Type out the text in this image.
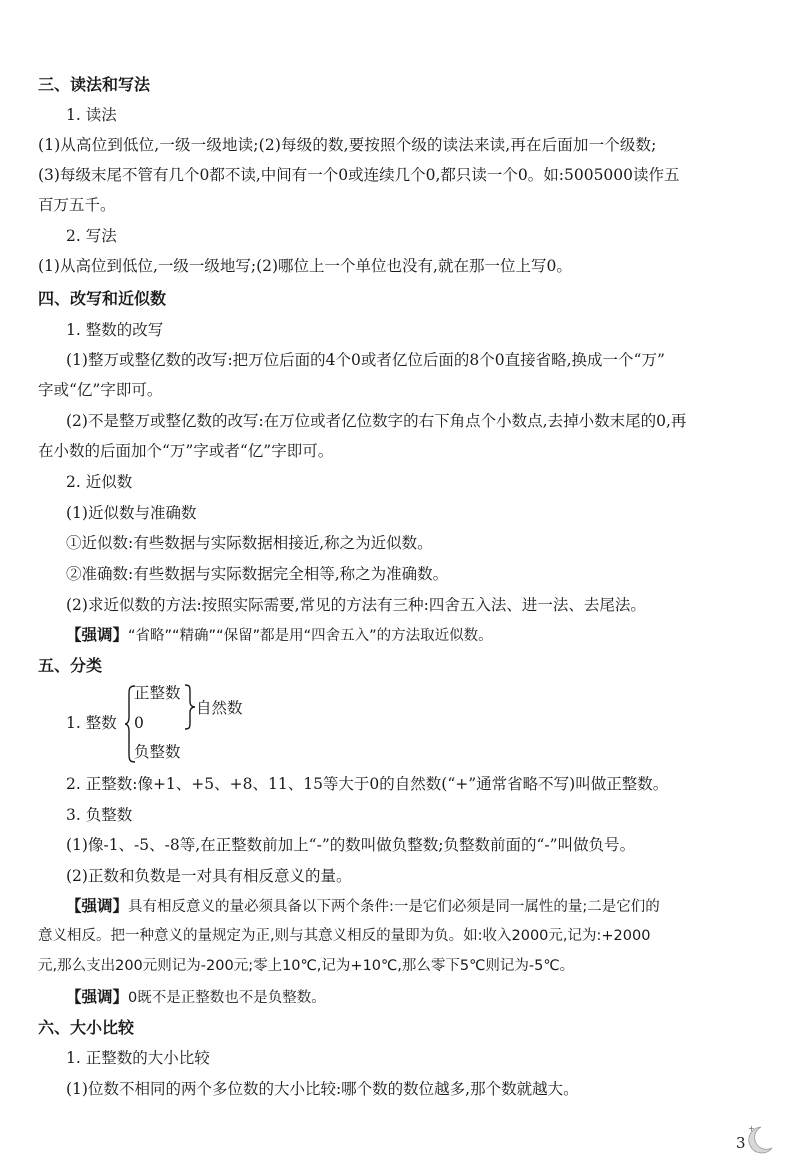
三、读法和写法
1. 读法
(1)从高位到低位,一级一级地读;(2)每级的数,要按照个级的读法来读,再在后面加一个级数;
(3)每级末尾不管有几个0都不读,中间有一个0或连续几个0,都只读一个0。如:5005000读作五
百万五千。
2. 写法
(1)从高位到低位,一级一级地写;(2)哪位上一个单位也没有,就在那一位上写0。
四、改写和近似数
1. 整数的改写
(1)整万或整亿数的改写:把万位后面的4个0或者亿位后面的8个0直接省略,换成一个“万”
字或“亿”字即可。
(2)不是整万或整亿数的改写:在万位或者亿位数字的右下角点个小数点,去掉小数末尾的0,再
在小数的后面加个“万”字或者“亿”字即可。
2. 近似数
(1)近似数与准确数
①近似数:有些数据与实际数据相接近,称之为近似数。
②准确数:有些数据与实际数据完全相等,称之为准确数。
(2)求近似数的方法:按照实际需要,常见的方法有三种:四舍五入法、进一法、去尾法。
【强调】“省略”“精确”“保留”都是用“四舍五入”的方法取近似数。
五、分类
1. 整数
正整数
0
负整数
自然数
2. 正整数:像+1、+5、+8、11、15等大于0的自然数(“+”通常省略不写)叫做正整数。
3. 负整数
(1)像-1、-5、-8等,在正整数前加上“-”的数叫做负整数;负整数前面的“-”叫做负号。
(2)正数和负数是一对具有相反意义的量。
【强调】具有相反意义的量必须具备以下两个条件:一是它们必须是同一属性的量;二是它们的
意义相反。把一种意义的量规定为正,则与其意义相反的量即为负。如:收入2000元,记为:+2000
元,那么支出200元则记为-200元;零上10℃,记为+10℃,那么零下5℃则记为-5℃。
【强调】0既不是正整数也不是负整数。
六、大小比较
1. 正整数的大小比较
(1)位数不相同的两个多位数的大小比较:哪个数的数位越多,那个数就越大。
+
3
